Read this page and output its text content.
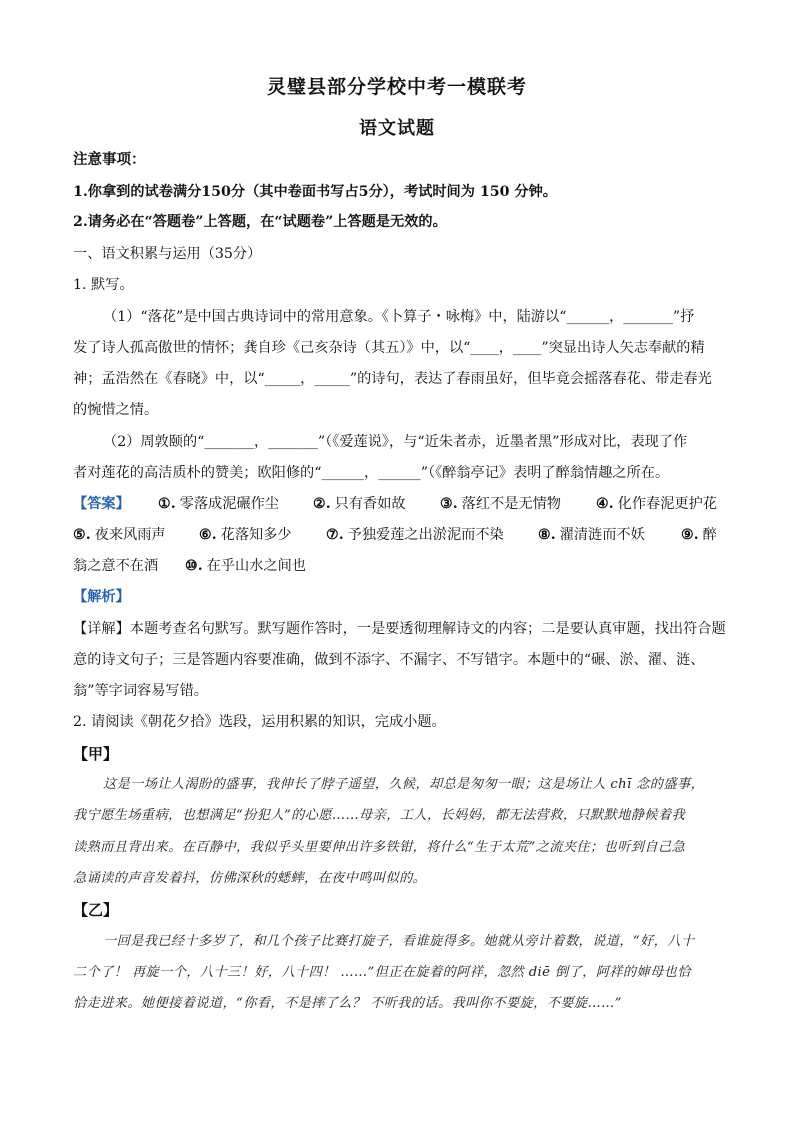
灵璧县部分学校中考一模联考
语文试题
注意事项：
1.你拿到的试卷满分150分（其中卷面书写占5分），考试时间为 150 分钟。
2.请务必在“答题卷”上答题，在“试题卷”上答题是无效的。
一、语文积累与运用（35分）
1. 默写。
（1）“落花”是中国古典诗词中的常用意象。《卜算子・咏梅》中，陆游以“______，_______”抒
发了诗人孤高傲世的情怀；龚自珍《己亥杂诗（其五）》中，以“____，____”突显出诗人矢志奉献的精
神；孟浩然在《春晓》中，以“_____，_____”的诗句，表达了春雨虽好，但毕竟会摇落春花、带走春光
的惋惜之情。
（2）周敦颐的“_______，_______”（《爱莲说》，与“近朱者赤，近墨者黑”形成对比，表现了作
者对莲花的高洁质朴的赞美；欧阳修的“______，______”（《醉翁亭记》表明了醉翁情趣之所在。
【答案】 ①. 零落成泥碾作尘 ②. 只有香如故 ③. 落红不是无情物 ④. 化作春泥更护花
⑤. 夜来风雨声 ⑥. 花落知多少 ⑦. 予独爱莲之出淤泥而不染 ⑧. 濯清涟而不妖	⑨. 醉
翁之意不在酒 ⑩. 在乎山水之间也
【解析】
【详解】本题考查名句默写。默写题作答时，一是要透彻理解诗文的内容；二是要认真审题，找出符合题
意的诗文句子；三是答题内容要准确，做到不添字、不漏字、不写错字。本题中的“碾、淤、濯、涟、
翁”等字词容易写错。
2. 请阅读《朝花夕拾》选段，运用积累的知识，完成小题。
【甲】
这是一场让人渴盼的盛事，我伸长了脖子遥望，久候，却总是匆匆一眼；这是场让人 chī 念的盛事，
我宁愿生场重病，也想满足“扮犯人”的心愿……母亲，工人，长妈妈，都无法营救，只默默地静候着我
读熟而且背出来。在百静中，我似乎头里要伸出许多铁钳，将什么“生于太荒”之流夹住；也听到自己急
急诵读的声音发着抖，仿佛深秋的蟋蟀，在夜中鸣叫似的。
【乙】
一回是我已经十多岁了，和几个孩子比赛打旋子，看谁旋得多。她就从旁计着数，说道，“好，八十
二个了！ 再旋一个，八十三！好，八十四！ ……”但正在旋着的阿祥，忽然 diē 倒了，阿祥的婶母也恰
恰走进来。她便接着说道，“你看，不是摔了么？ 不听我的话。我叫你不要旋，不要旋……”
